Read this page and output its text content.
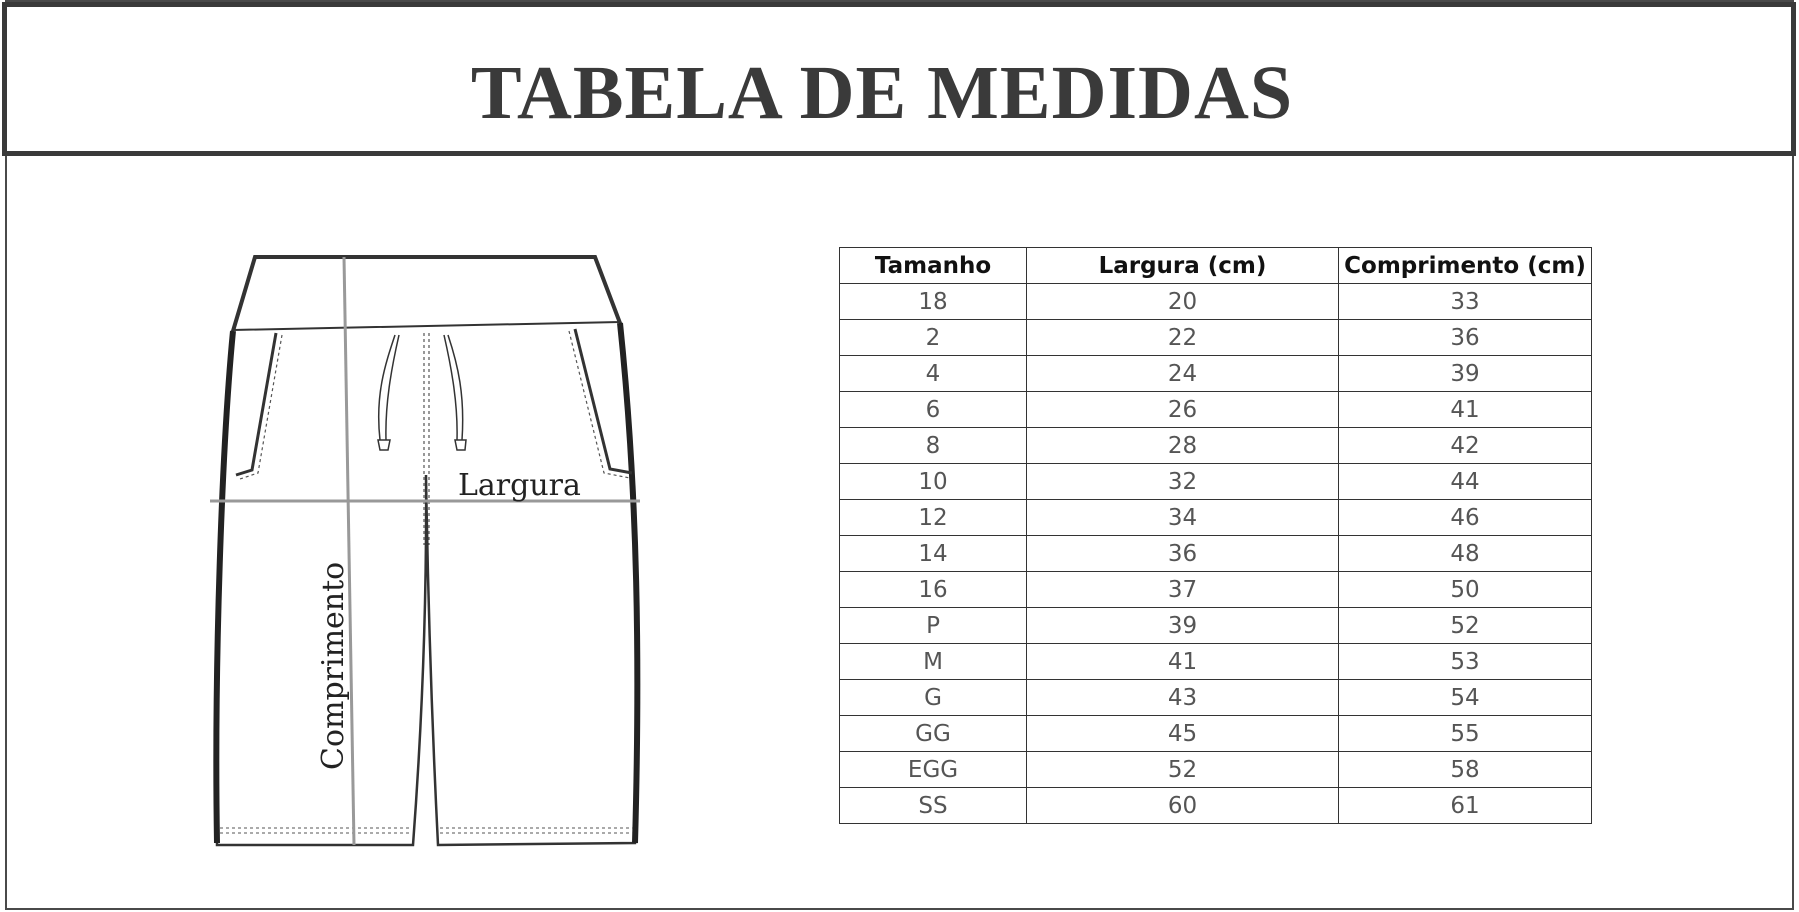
TABELA DE MEDIDAS
Largura
Comprimento
Tamanho	Largura (cm)	Comprimento (cm)
18	20	33
2	22	36
4	24	39
6	26	41
8	28	42
10	32	44
12	34	46
14	36	48
16	37	50
P	39	52
M	41	53
G	43	54
GG	45	55
EGG	52	58
SS	60	61
